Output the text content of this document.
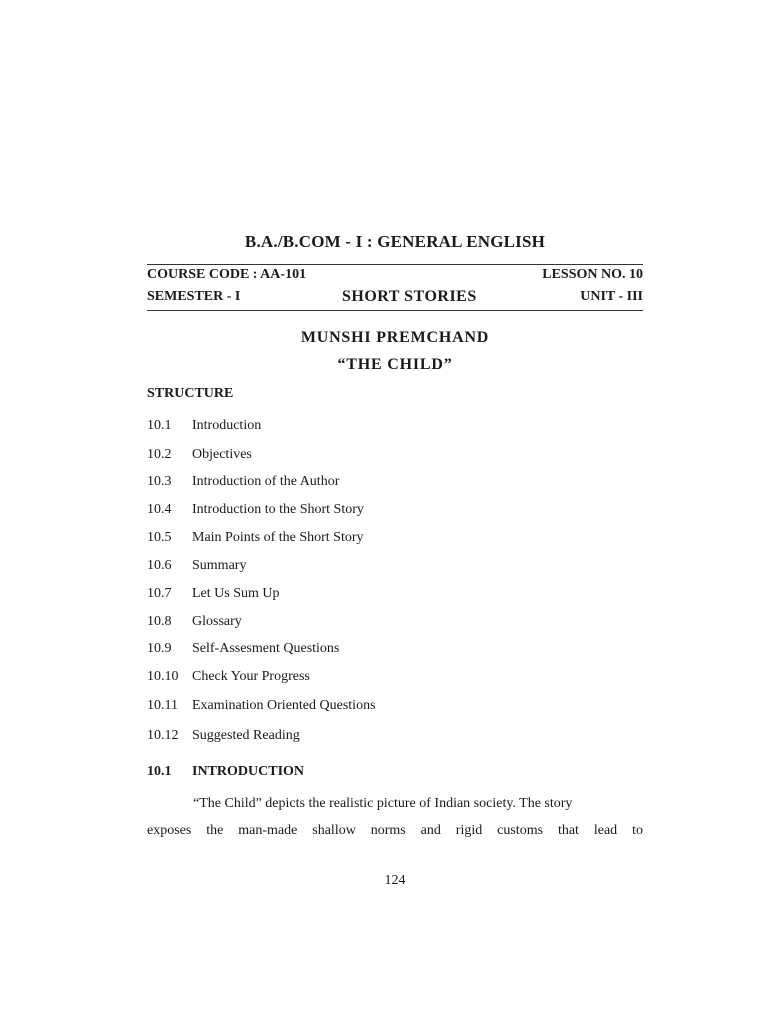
B.A./B.COM - I : GENERAL ENGLISH
COURSE CODE : AA-101	LESSON NO. 10
SEMESTER - I	SHORT STORIES	UNIT - III
MUNSHI PREMCHAND
“THE CHILD”
STRUCTURE
10.1 Introduction
10.2 Objectives
10.3 Introduction of the Author
10.4 Introduction to the Short Story
10.5 Main Points of the Short Story
10.6 Summary
10.7 Let Us Sum Up
10.8 Glossary
10.9 Self-Assesment Questions
10.10 Check Your Progress
10.11 Examination Oriented Questions
10.12 Suggested Reading
10.1 INTRODUCTION
“The Child” depicts the realistic picture of Indian society. The story
exposes the man-made shallow norms and rigid customs that lead to
124
